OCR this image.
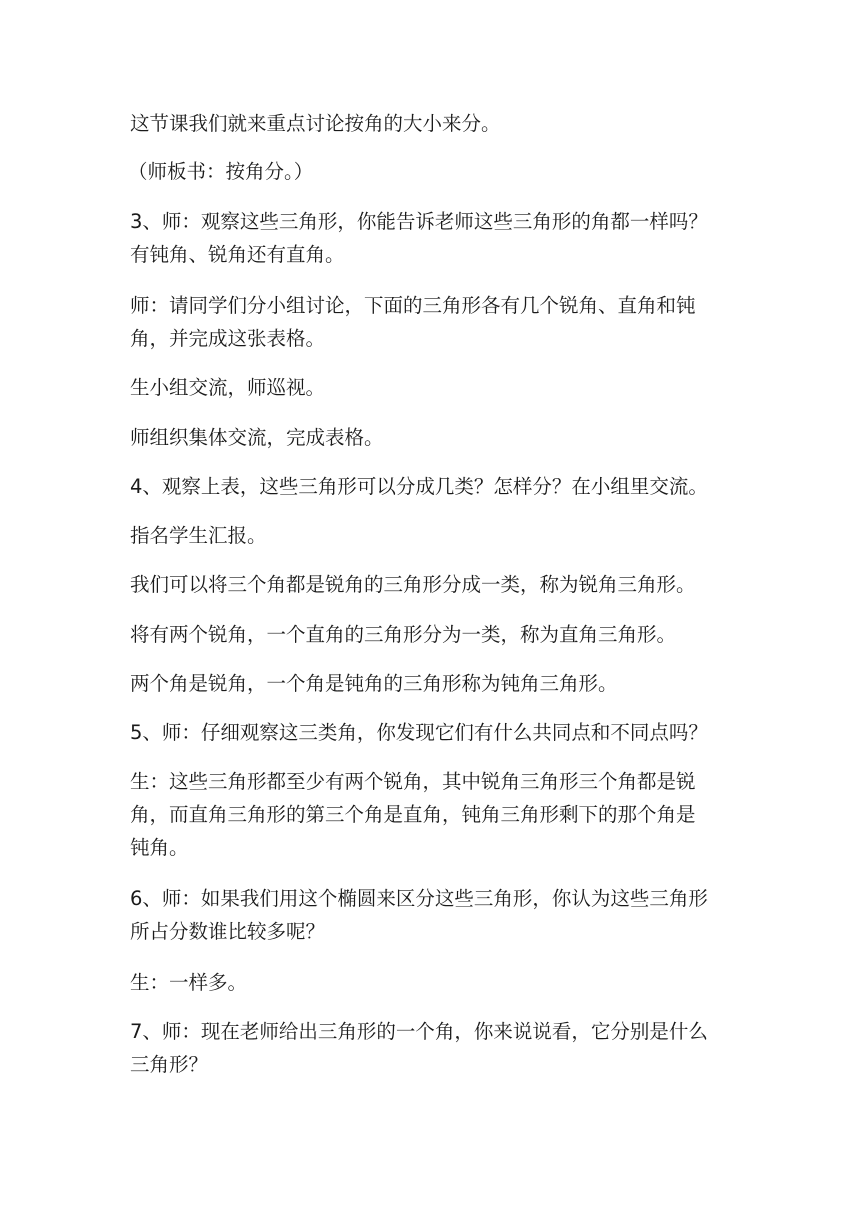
这节课我们就来重点讨论按角的大小来分。

（师板书：按角分。）

3、师：观察这些三角形，你能告诉老师这些三角形的角都一样吗？
有钝角、锐角还有直角。

师：请同学们分小组讨论，下面的三角形各有几个锐角、直角和钝
角，并完成这张表格。

生小组交流，师巡视。

师组织集体交流，完成表格。

4、观察上表，这些三角形可以分成几类？怎样分？在小组里交流。

指名学生汇报。

我们可以将三个角都是锐角的三角形分成一类，称为锐角三角形。

将有两个锐角，一个直角的三角形分为一类，称为直角三角形。

两个角是锐角，一个角是钝角的三角形称为钝角三角形。

5、师：仔细观察这三类角，你发现它们有什么共同点和不同点吗？

生：这些三角形都至少有两个锐角，其中锐角三角形三个角都是锐
角，而直角三角形的第三个角是直角，钝角三角形剩下的那个角是
钝角。

6、师：如果我们用这个椭圆来区分这些三角形，你认为这些三角形
所占分数谁比较多呢？

生：一样多。

7、师：现在老师给出三角形的一个角，你来说说看，它分别是什么
三角形？
